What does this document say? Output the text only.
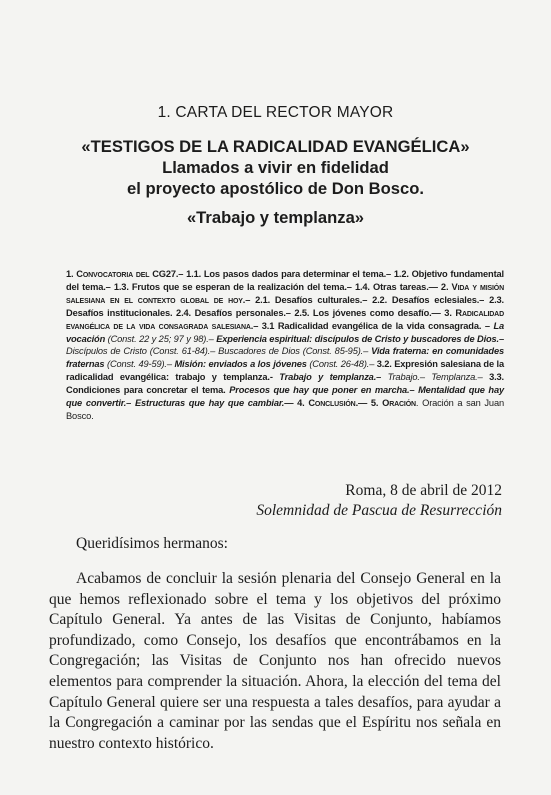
1. CARTA DEL RECTOR MAYOR
«TESTIGOS DE LA RADICALIDAD EVANGÉLICA»
Llamados a vivir en fidelidad
el proyecto apostólico de Don Bosco.
«Trabajo y templanza»
1. Convocatoria del CG27.– 1.1. Los pasos dados para determinar el tema.– 1.2. Objetivo fundamental del tema.– 1.3. Frutos que se esperan de la realización del tema.– 1.4. Otras tareas.— 2. Vida y misión salesiana en el contexto global de hoy.– 2.1. Desafíos culturales.– 2.2. Desafíos eclesiales.– 2.3. Desafíos institucionales. 2.4. Desafíos personales.– 2.5. Los jóvenes como desafío.— 3. Radicalidad evangélica de la vida consagrada salesiana.– 3.1 Radicalidad evangélica de la vida consagrada. – La vocación (Const. 22 y 25; 97 y 98).– Experiencia espiritual: discípulos de Cristo y buscadores de Dios.– Discípulos de Cristo (Const. 61-84).– Buscadores de Dios (Const. 85-95).– Vida fraterna: en comunidades fraternas (Const. 49-59).– Misión: enviados a los jóvenes (Const. 26-48).– 3.2. Expresión salesiana de la radicalidad evangélica: trabajo y templanza.- Trabajo y templanza.– Trabajo.– Templanza.– 3.3. Condiciones para concretar el tema. Procesos que hay que poner en marcha.– Mentalidad que hay que convertir.– Estructuras que hay que cambiar.— 4. Conclusión.— 5. Oración. Oración a san Juan Bosco.
Roma, 8 de abril de 2012
Solemnidad de Pascua de Resurrección
Queridísimos hermanos:

Acabamos de concluir la sesión plenaria del Consejo General en la que hemos reflexionado sobre el tema y los objetivos del próximo Capítulo General. Ya antes de las Visitas de Conjunto, habíamos profundizado, como Consejo, los desafíos que encontrábamos en la Congregación; las Visitas de Conjunto nos han ofrecido nuevos elementos para comprender la situación. Ahora, la elección del tema del Capítulo General quiere ser una respuesta a tales desafíos, para ayudar a la Congregación a caminar por las sendas que el Espíritu nos señala en nuestro contexto histórico.
